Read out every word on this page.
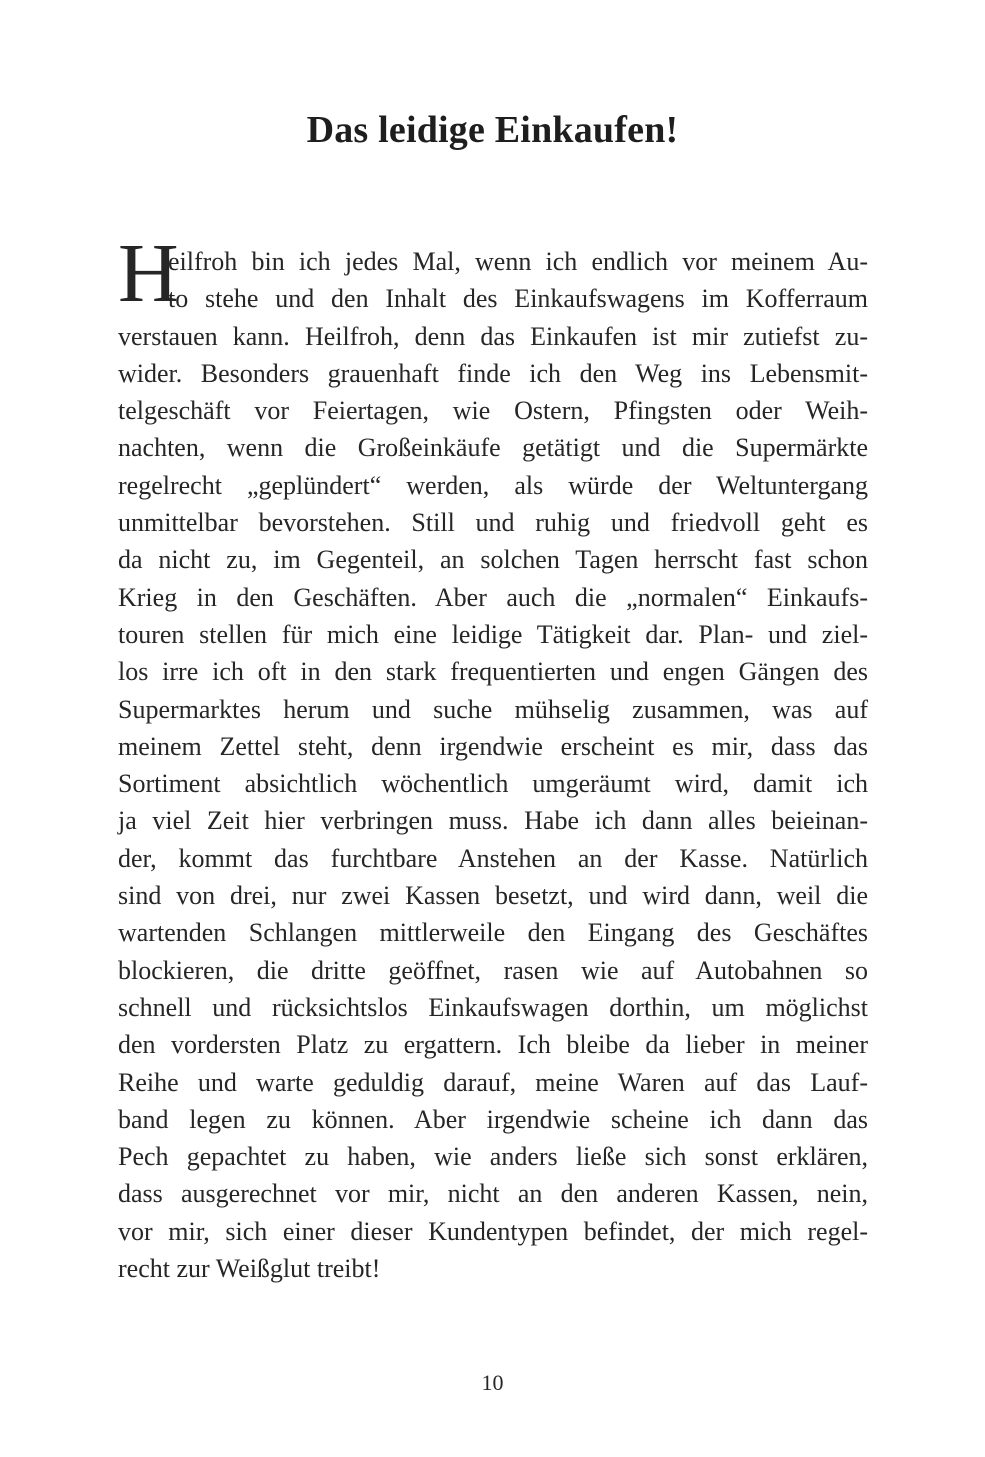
Das leidige Einkaufen!
H
eilfroh bin ich jedes Mal, wenn ich endlich vor meinem Au-
to stehe und den Inhalt des Einkaufswagens im Kofferraum
verstauen kann. Heilfroh, denn das Einkaufen ist mir zutiefst zu-
wider. Besonders grauenhaft finde ich den Weg ins Lebensmit-
telgeschäft vor Feiertagen, wie Ostern, Pfingsten oder Weih-
nachten, wenn die Großeinkäufe getätigt und die Supermärkte
regelrecht „geplündert“ werden, als würde der Weltuntergang
unmittelbar bevorstehen. Still und ruhig und friedvoll geht es
da nicht zu, im Gegenteil, an solchen Tagen herrscht fast schon
Krieg in den Geschäften. Aber auch die „normalen“ Einkaufs-
touren stellen für mich eine leidige Tätigkeit dar. Plan- und ziel-
los irre ich oft in den stark frequentierten und engen Gängen des
Supermarktes herum und suche mühselig zusammen, was auf
meinem Zettel steht, denn irgendwie erscheint es mir, dass das
Sortiment absichtlich wöchentlich umgeräumt wird, damit ich
ja viel Zeit hier verbringen muss. Habe ich dann alles beieinan-
der, kommt das furchtbare Anstehen an der Kasse. Natürlich
sind von drei, nur zwei Kassen besetzt, und wird dann, weil die
wartenden Schlangen mittlerweile den Eingang des Geschäftes
blockieren, die dritte geöffnet, rasen wie auf Autobahnen so
schnell und rücksichtslos Einkaufswagen dorthin, um möglichst
den vordersten Platz zu ergattern. Ich bleibe da lieber in meiner
Reihe und warte geduldig darauf, meine Waren auf das Lauf-
band legen zu können. Aber irgendwie scheine ich dann das
Pech gepachtet zu haben, wie anders ließe sich sonst erklären,
dass ausgerechnet vor mir, nicht an den anderen Kassen, nein,
vor mir, sich einer dieser Kundentypen befindet, der mich regel-
recht zur Weißglut treibt!
10
